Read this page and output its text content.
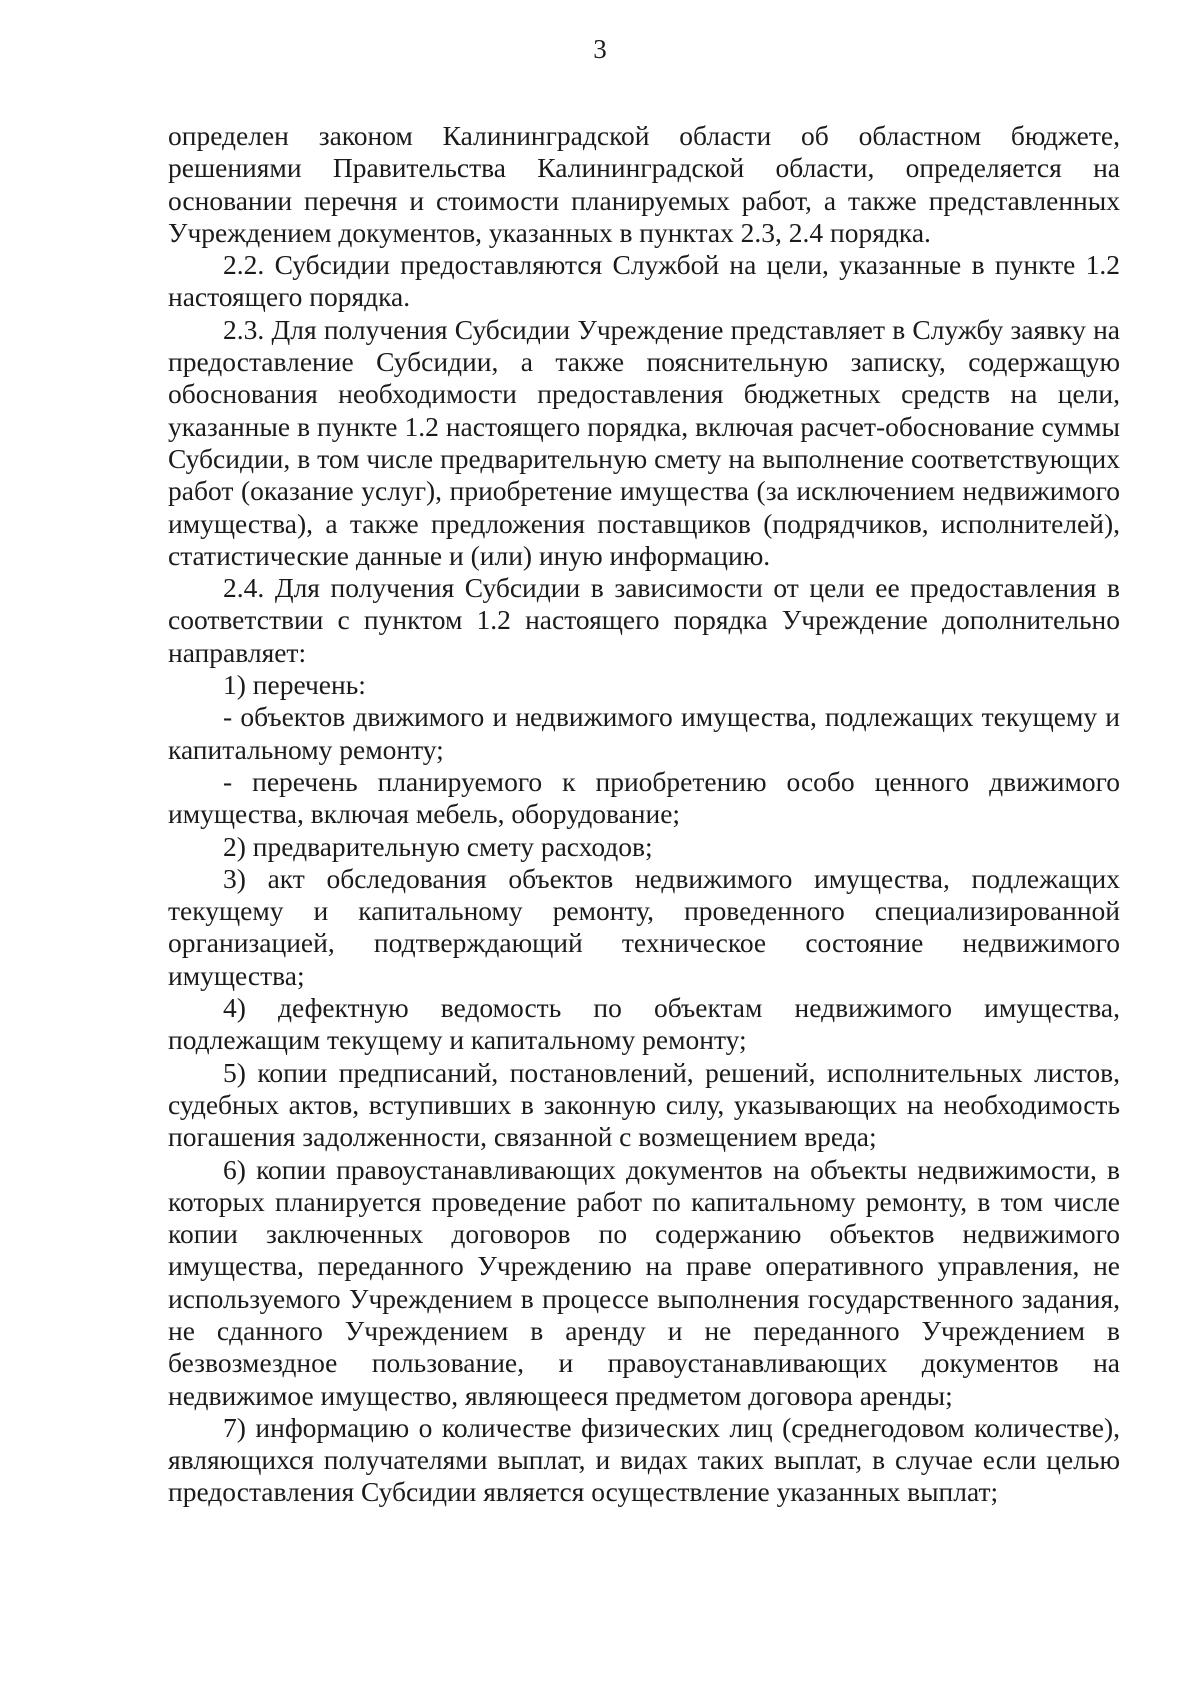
3

определен законом Калининградской области об областном бюджете, решениями Правительства Калининградской области, определяется на основании перечня и стоимости планируемых работ, а также представленных Учреждением документов, указанных в пунктах 2.3, 2.4 порядка.

2.2. Субсидии предоставляются Службой на цели, указанные в пункте 1.2 настоящего порядка.

2.3. Для получения Субсидии Учреждение представляет в Службу заявку на предоставление Субсидии, а также пояснительную записку, содержащую обоснования необходимости предоставления бюджетных средств на цели, указанные в пункте 1.2 настоящего порядка, включая расчет-обоснование суммы Субсидии, в том числе предварительную смету на выполнение соответствующих работ (оказание услуг), приобретение имущества (за исключением недвижимого имущества), а также предложения поставщиков (подрядчиков, исполнителей), статистические данные и (или) иную информацию.

2.4. Для получения Субсидии в зависимости от цели ее предоставления в соответствии с пунктом 1.2 настоящего порядка Учреждение дополнительно направляет:

1) перечень:

- объектов движимого и недвижимого имущества, подлежащих текущему и капитальному ремонту;

- перечень планируемого к приобретению особо ценного движимого имущества, включая мебель, оборудование;

2) предварительную смету расходов;

3) акт обследования объектов недвижимого имущества, подлежащих текущему и капитальному ремонту, проведенного специализированной организацией, подтверждающий техническое состояние недвижимого имущества;

4) дефектную ведомость по объектам недвижимого имущества, подлежащим текущему и капитальному ремонту;

5) копии предписаний, постановлений, решений, исполнительных листов, судебных актов, вступивших в законную силу, указывающих на необходимость погашения задолженности, связанной с возмещением вреда;

6) копии правоустанавливающих документов на объекты недвижимости, в которых планируется проведение работ по капитальному ремонту, в том числе копии заключенных договоров по содержанию объектов недвижимого имущества, переданного Учреждению на праве оперативного управления, не используемого Учреждением в процессе выполнения государственного задания, не сданного Учреждением в аренду и не переданного Учреждением в безвозмездное пользование, и правоустанавливающих документов на недвижимое имущество, являющееся предметом договора аренды;

7) информацию о количестве физических лиц (среднегодовом количестве), являющихся получателями выплат, и видах таких выплат, в случае если целью предоставления Субсидии является осуществление указанных выплат;
